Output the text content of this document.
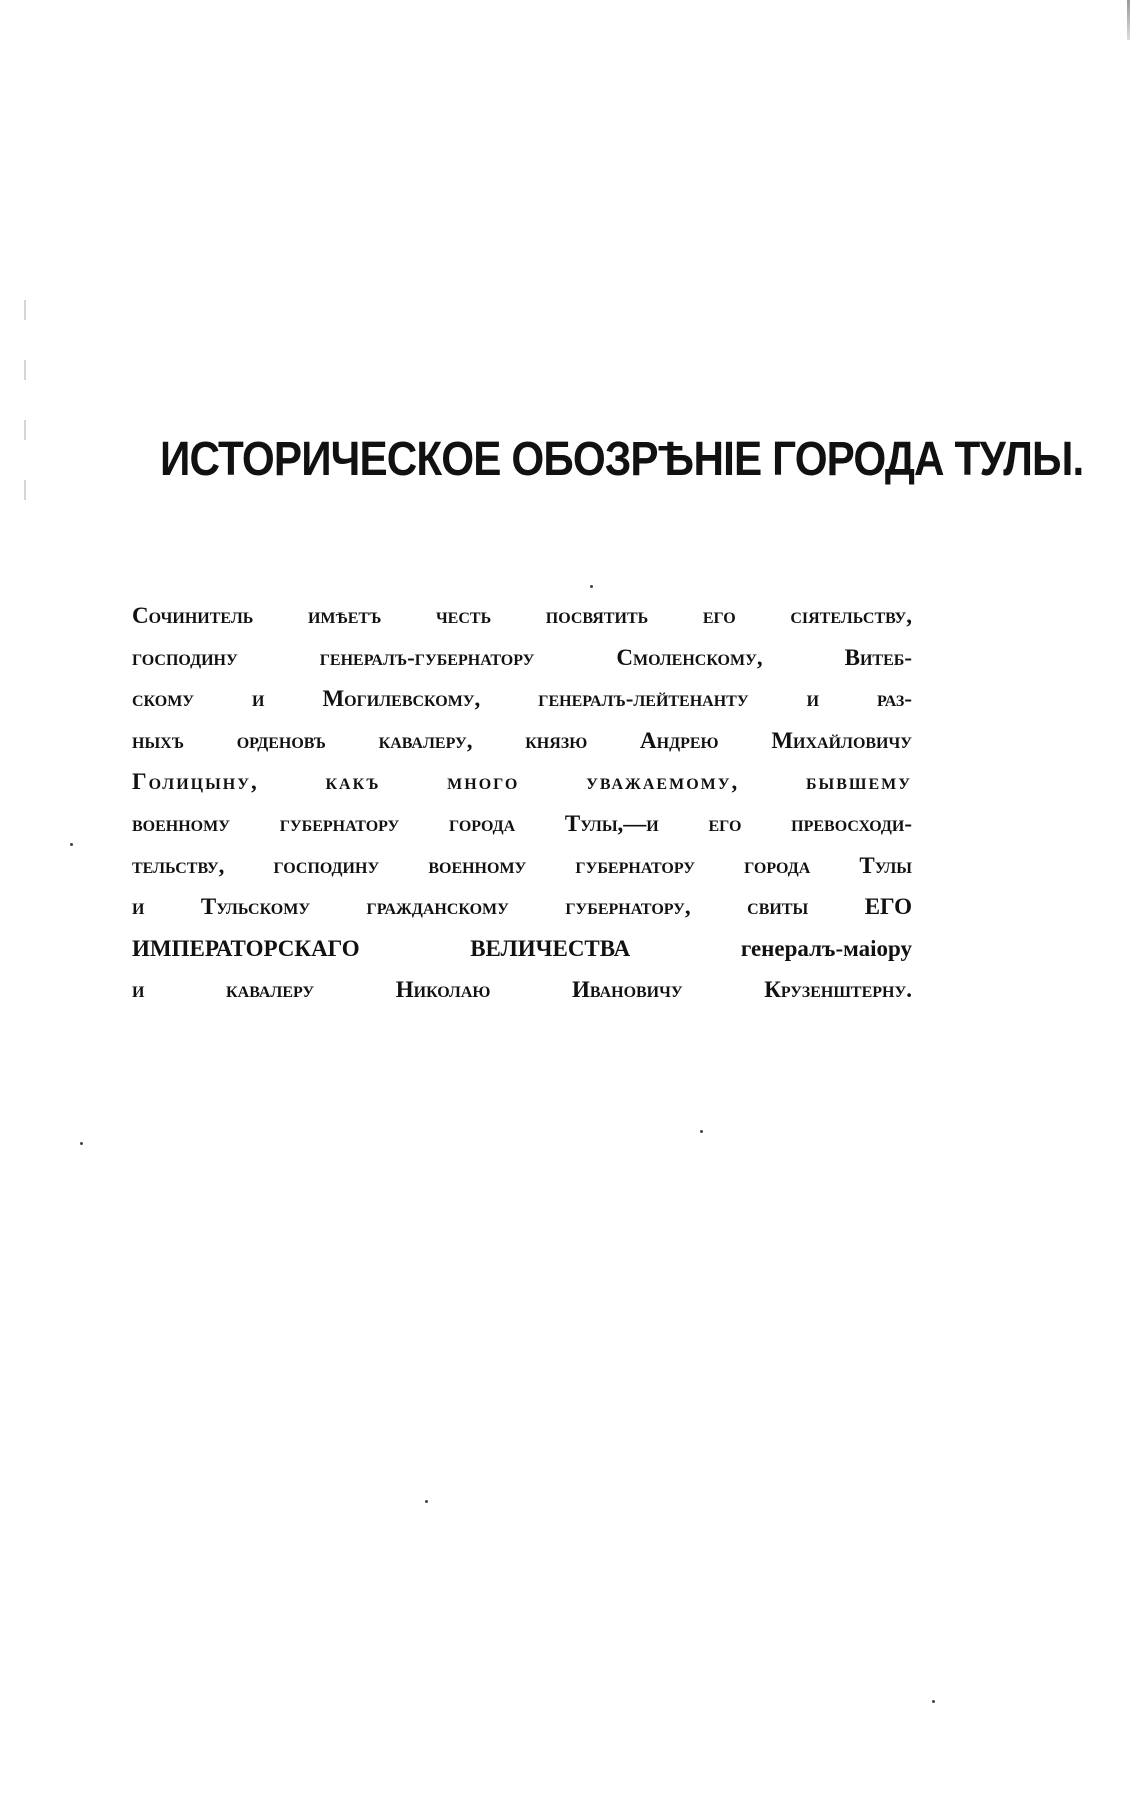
ИСТОРИЧЕСКОЕ ОБОЗРѢНІЕ ГОРОДА ТУЛЫ.
Сочинитель имѣетъ честь посвятить его сіятельству,
господину генералъ-губернатору Смоленскому, Витеб-
скому и Могилевскому, генералъ-лейтенанту и раз-
ныхъ орденовъ кавалеру, князю Андрею Михайловичу
Голицыну, какъ много уважаемому, бывшему
военному губернатору города Тулы,—и его превосходи-
тельству, господину военному губернатору города Тулы
и Тульскому гражданскому губернатору, свиты ЕГО
ИМПЕРАТОРСКАГО ВЕЛИЧЕСТВА генералъ-маіору
и кавалеру Николаю Ивановичу Крузенштерну.
